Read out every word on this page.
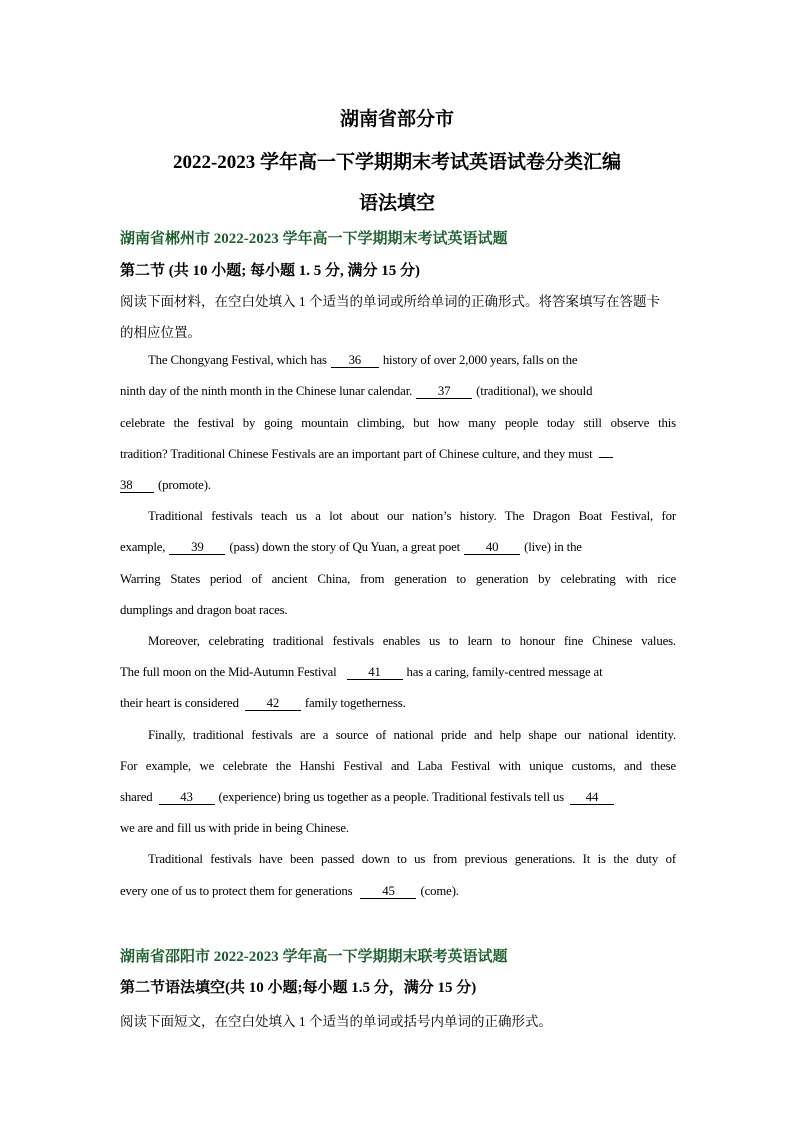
湖南省部分市
2022-2023 学年高一下学期期末考试英语试卷分类汇编
语法填空
湖南省郴州市 2022-2023 学年高一下学期期末考试英语试题
第二节 (共 10 小题; 每小题 1. 5 分, 满分 15 分)
阅读下面材料，在空白处填入 1 个适当的单词或所给单词的正确形式。将答案填写在答题卡
的相应位置。
The Chongyang Festival, which has 36 history of over 2,000 years, falls on the
ninth day of the ninth month in the Chinese lunar calendar. 37 (traditional), we should
celebrate the festival by going mountain climbing, but how many people today still observe this
tradition? Traditional Chinese Festivals are an important part of Chinese culture, and they must
38 (promote).
Traditional festivals teach us a lot about our nation’s history. The Dragon Boat Festival, for
example, 39 (pass) down the story of Qu Yuan, a great poet 40 (live) in the
Warring States period of ancient China, from generation to generation by celebrating with rice
dumplings and dragon boat races.
Moreover, celebrating traditional festivals enables us to learn to honour fine Chinese values.
The full moon on the Mid-Autumn Festival 41 has a caring, family-centred message at
their heart is considered 42 family togetherness.
Finally, traditional festivals are a source of national pride and help shape our national identity.
For example, we celebrate the Hanshi Festival and Laba Festival with unique customs, and these
shared 43 (experience) bring us together as a people. Traditional festivals tell us 44
we are and fill us with pride in being Chinese.
Traditional festivals have been passed down to us from previous generations. It is the duty of
every one of us to protect them for generations 45 (come).
湖南省邵阳市 2022-2023 学年高一下学期期末联考英语试题
第二节语法填空(共 10 小题;每小题 1.5 分，满分 15 分)
阅读下面短文，在空白处填入 1 个适当的单词或括号内单词的正确形式。
